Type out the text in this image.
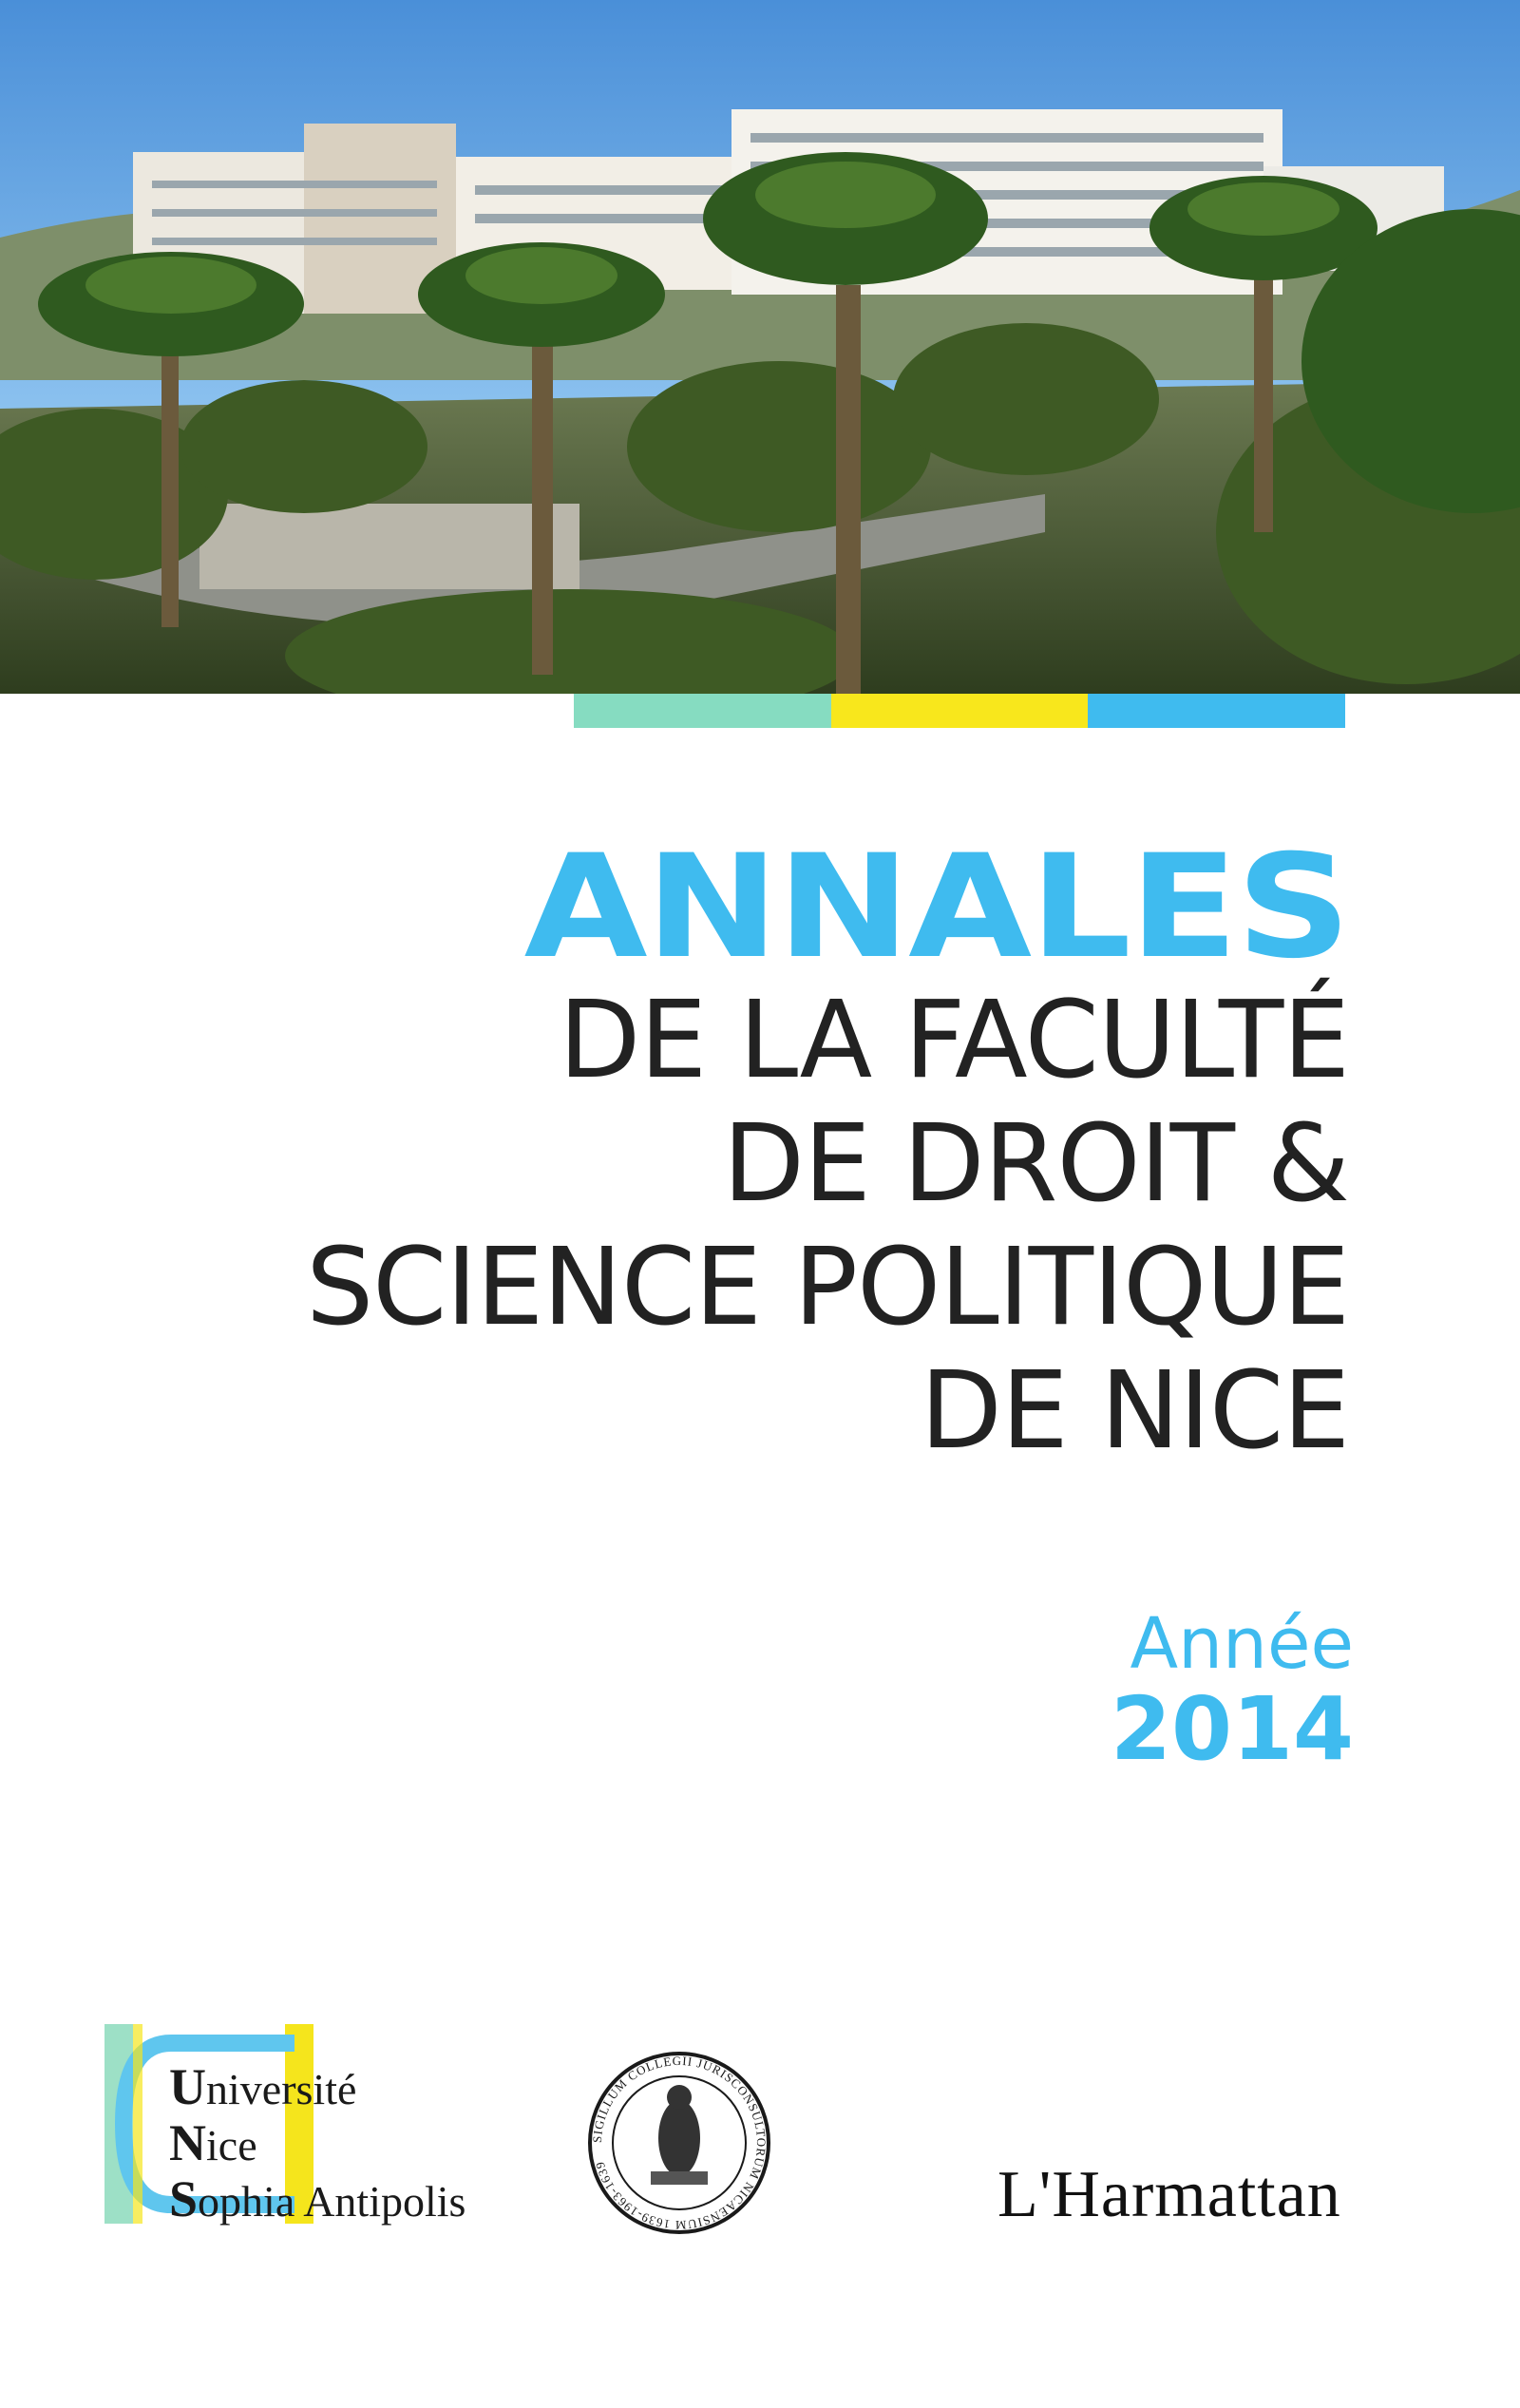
ANNALES
DE LA FACULTÉ
DE DROIT &
SCIENCE POLITIQUE
DE NICE
Année
2014
Université
Nice
Sophia Antipolis
SIGILLUM COLLEGII JURISCONSULTORUM NICAENSIUM 1639-1963-1639	L'Harmattan
